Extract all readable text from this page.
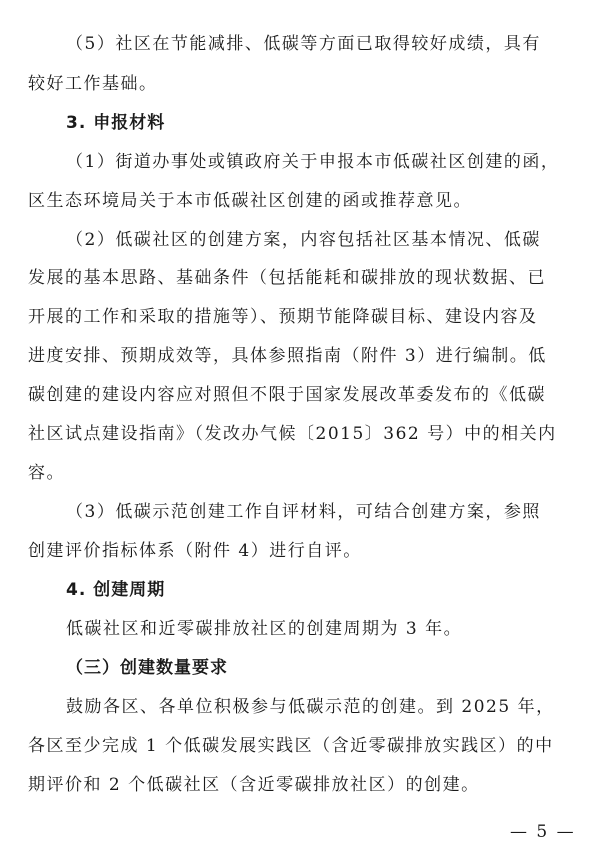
（5）社区在节能减排、低碳等方面已取得较好成绩，具有
较好工作基础。
3. 申报材料
（1）街道办事处或镇政府关于申报本市低碳社区创建的函，
区生态环境局关于本市低碳社区创建的函或推荐意见。
（2）低碳社区的创建方案，内容包括社区基本情况、低碳
发展的基本思路、基础条件（包括能耗和碳排放的现状数据、已
开展的工作和采取的措施等）、预期节能降碳目标、建设内容及
进度安排、预期成效等，具体参照指南（附件 3）进行编制。低
碳创建的建设内容应对照但不限于国家发展改革委发布的《低碳
社区试点建设指南》（发改办气候〔2015〕362 号）中的相关内
容。
（3）低碳示范创建工作自评材料，可结合创建方案，参照
创建评价指标体系（附件 4）进行自评。
4. 创建周期
低碳社区和近零碳排放社区的创建周期为 3 年。
（三）创建数量要求
鼓励各区、各单位积极参与低碳示范的创建。到 2025 年，
各区至少完成 1 个低碳发展实践区（含近零碳排放实践区）的中
期评价和 2 个低碳社区（含近零碳排放社区）的创建。
— 5 —
